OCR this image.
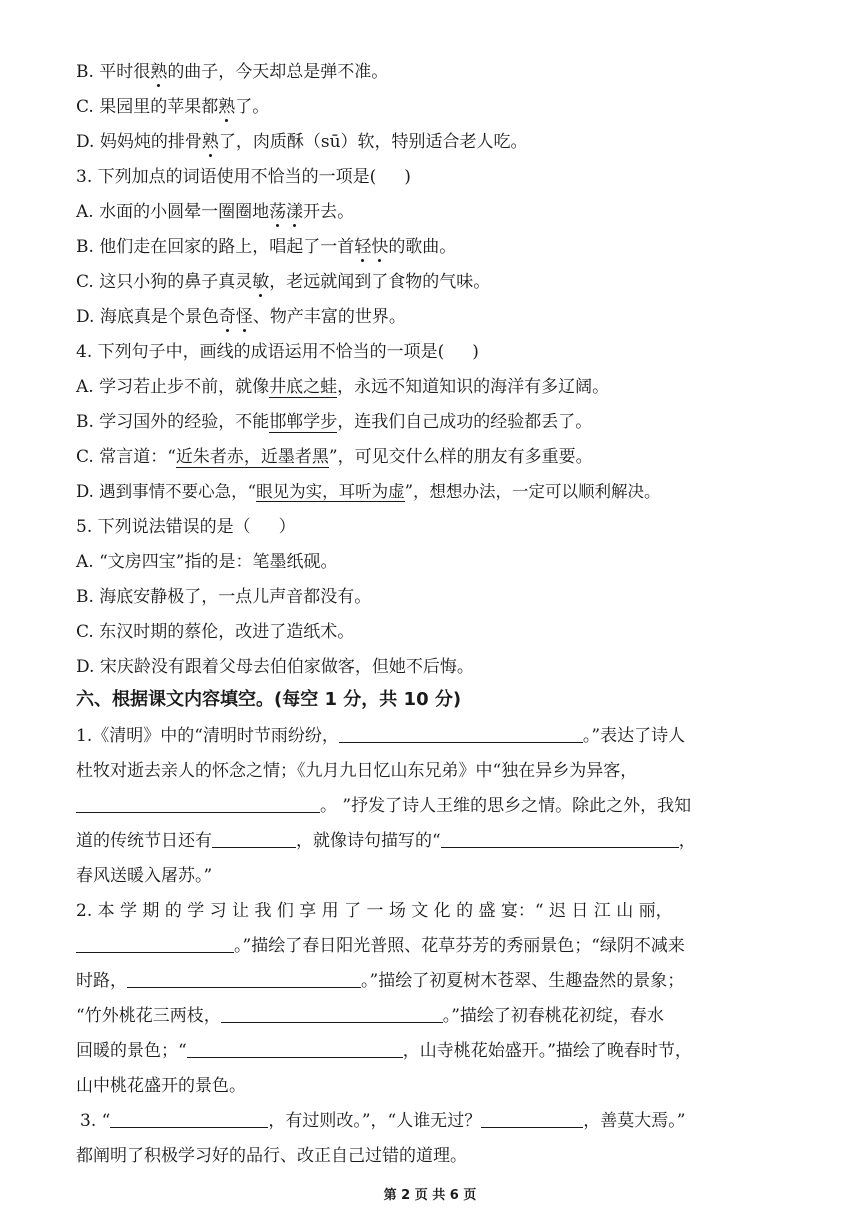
B. 平时很熟的曲子，今天却总是弹不准。
C. 果园里的苹果都熟了。
D. 妈妈炖的排骨熟了，肉质酥（sū）软，特别适合老人吃。
3. 下列加点的词语使用不恰当的一项是( )
A. 水面的小圆晕一圈圈地荡漾开去。
B. 他们走在回家的路上，唱起了一首轻快的歌曲。
C. 这只小狗的鼻子真灵敏，老远就闻到了食物的气味。
D. 海底真是个景色奇怪、物产丰富的世界。
4. 下列句子中，画线的成语运用不恰当的一项是( )
A. 学习若止步不前，就像井底之蛙，永远不知道知识的海洋有多辽阔。
B. 学习国外的经验，不能邯郸学步，连我们自己成功的经验都丢了。
C. 常言道：“近朱者赤，近墨者黑”，可见交什么样的朋友有多重要。
D. 遇到事情不要心急，“眼见为实，耳听为虚”，想想办法，一定可以顺利解决。
5. 下列说法错误的是（ ）
A. “文房四宝”指的是：笔墨纸砚。
B. 海底安静极了，一点儿声音都没有。
C. 东汉时期的蔡伦，改进了造纸术。
D. 宋庆龄没有跟着父母去伯伯家做客，但她不后悔。
六、根据课文内容填空。(每空 1 分，共 10 分)
1.《清明》中的“清明时节雨纷纷，	。”表达了诗人
杜牧对逝去亲人的怀念之情；《九月九日忆山东兄弟》中“独在异乡为异客，
。 ”抒发了诗人王维的思乡之情。除此之外，我知
道的传统节日还有	，就像诗句描写的“	，
春风送暖入屠苏。”
2. 本 学 期 的 学 习 让 我 们 享 用 了 一 场 文 化 的 盛 宴：“ 迟 日 江 山 丽，
。”描绘了春日阳光普照、花草芬芳的秀丽景色；“绿阴不减来
时路，	。”描绘了初夏树木苍翠、生趣盎然的景象；
“竹外桃花三两枝，	。”描绘了初春桃花初绽，春水
回暖的景色；“	，山寺桃花始盛开。”描绘了晚春时节，
山中桃花盛开的景色。
3. “	，有过则改。”，“人谁无过？	，善莫大焉。”
都阐明了积极学习好的品行、改正自己过错的道理。
第 2 页 共 6 页
